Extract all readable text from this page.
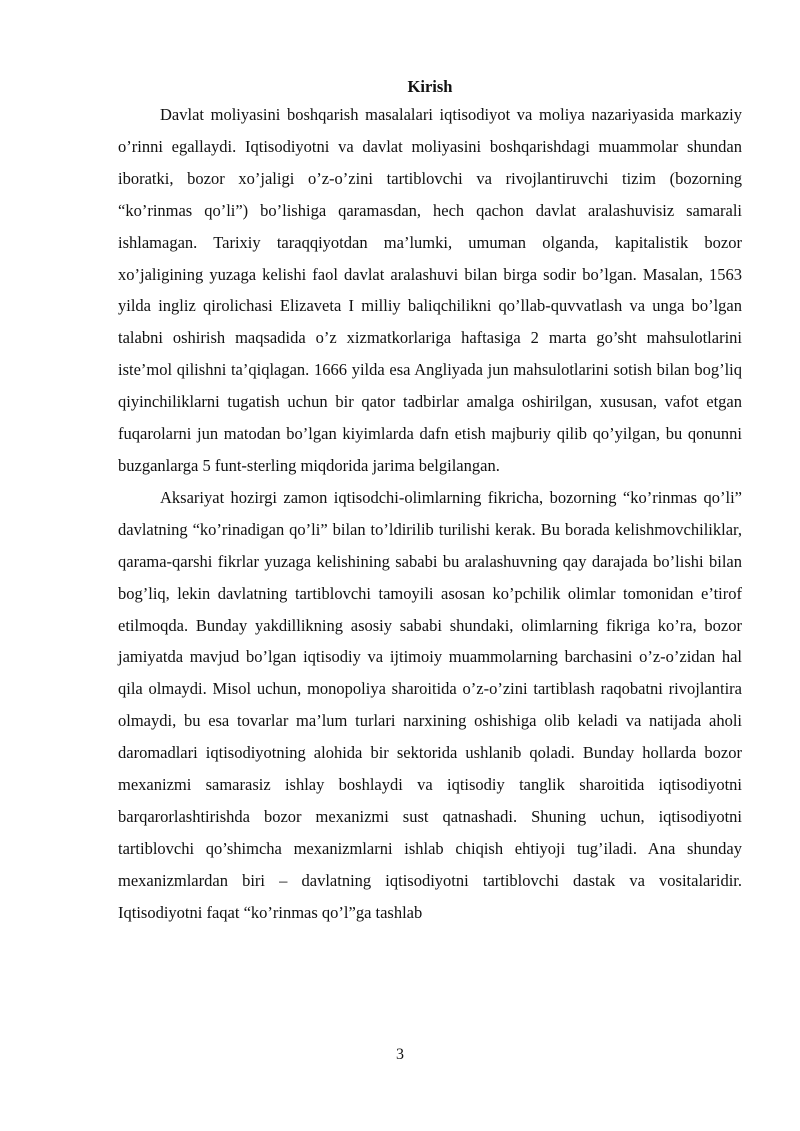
Kirish

Davlat moliyasini boshqarish masalalari iqtisodiyot va moliya nazariyasida markaziy o’rinni egallaydi. Iqtisodiyotni va davlat moliyasini boshqarishdagi muammolar shundan iboratki, bozor xo’jaligi o’z-o’zini tartiblovchi va rivojlantiruvchi tizim (bozorning “ko’rinmas qo’li”) bo’lishiga qaramasdan, hech qachon davlat aralashuvisiz samarali ishlamagan. Tarixiy taraqqiyotdan ma’lumki, umuman olganda, kapitalistik bozor xo’jaligining yuzaga kelishi faol davlat aralashuvi bilan birga sodir bo’lgan. Masalan, 1563 yilda ingliz qirolichasi Elizaveta I milliy baliqchilikni qo’llab-quvvatlash va unga bo’lgan talabni oshirish maqsadida o’z xizmatkorlariga haftasiga 2 marta go’sht mahsulotlarini iste’mol qilishni ta’qiqlagan. 1666 yilda esa Angliyada jun mahsulotlarini sotish bilan bog’liq qiyinchiliklarni tugatish uchun bir qator tadbirlar amalga oshirilgan, xususan, vafot etgan fuqarolarni jun matodan bo’lgan kiyimlarda dafn etish majburiy qilib qo’yilgan, bu qonunni buzganlarga 5 funt-sterling miqdorida jarima belgilangan.

Aksariyat hozirgi zamon iqtisodchi-olimlarning fikricha, bozorning “ko’rinmas qo’li” davlatning “ko’rinadigan qo’li” bilan to’ldirilib turilishi kerak. Bu borada kelishmovchiliklar, qarama-qarshi fikrlar yuzaga kelishining sababi bu aralashuvning qay darajada bo’lishi bilan bog’liq, lekin davlatning tartiblovchi tamoyili asosan ko’pchilik olimlar tomonidan e’tirof etilmoqda. Bunday yakdillikning asosiy sababi shundaki, olimlarning fikriga ko’ra, bozor jamiyatda mavjud bo’lgan iqtisodiy va ijtimoiy muammolarning barchasini o’z-o’zidan hal qila olmaydi. Misol uchun, monopoliya sharoitida o’z-o’zini tartiblash raqobatni rivojlantira olmaydi, bu esa tovarlar ma’lum turlari narxining oshishiga olib keladi va natijada aholi daromadlari iqtisodiyotning alohida bir sektorida ushlanib qoladi. Bunday hollarda bozor mexanizmi samarasiz ishlay boshlaydi va iqtisodiy tanglik sharoitida iqtisodiyotni barqarorlashtirishda bozor mexanizmi sust qatnashadi. Shuning uchun, iqtisodiyotni tartiblovchi qo’shimcha mexanizmlarni ishlab chiqish ehtiyoji tug’iladi. Ana shunday mexanizmlardan biri – davlatning iqtisodiyotni tartiblovchi dastak va vositalaridir. Iqtisodiyotni faqat “ko’rinmas qo’l”ga tashlab

3
